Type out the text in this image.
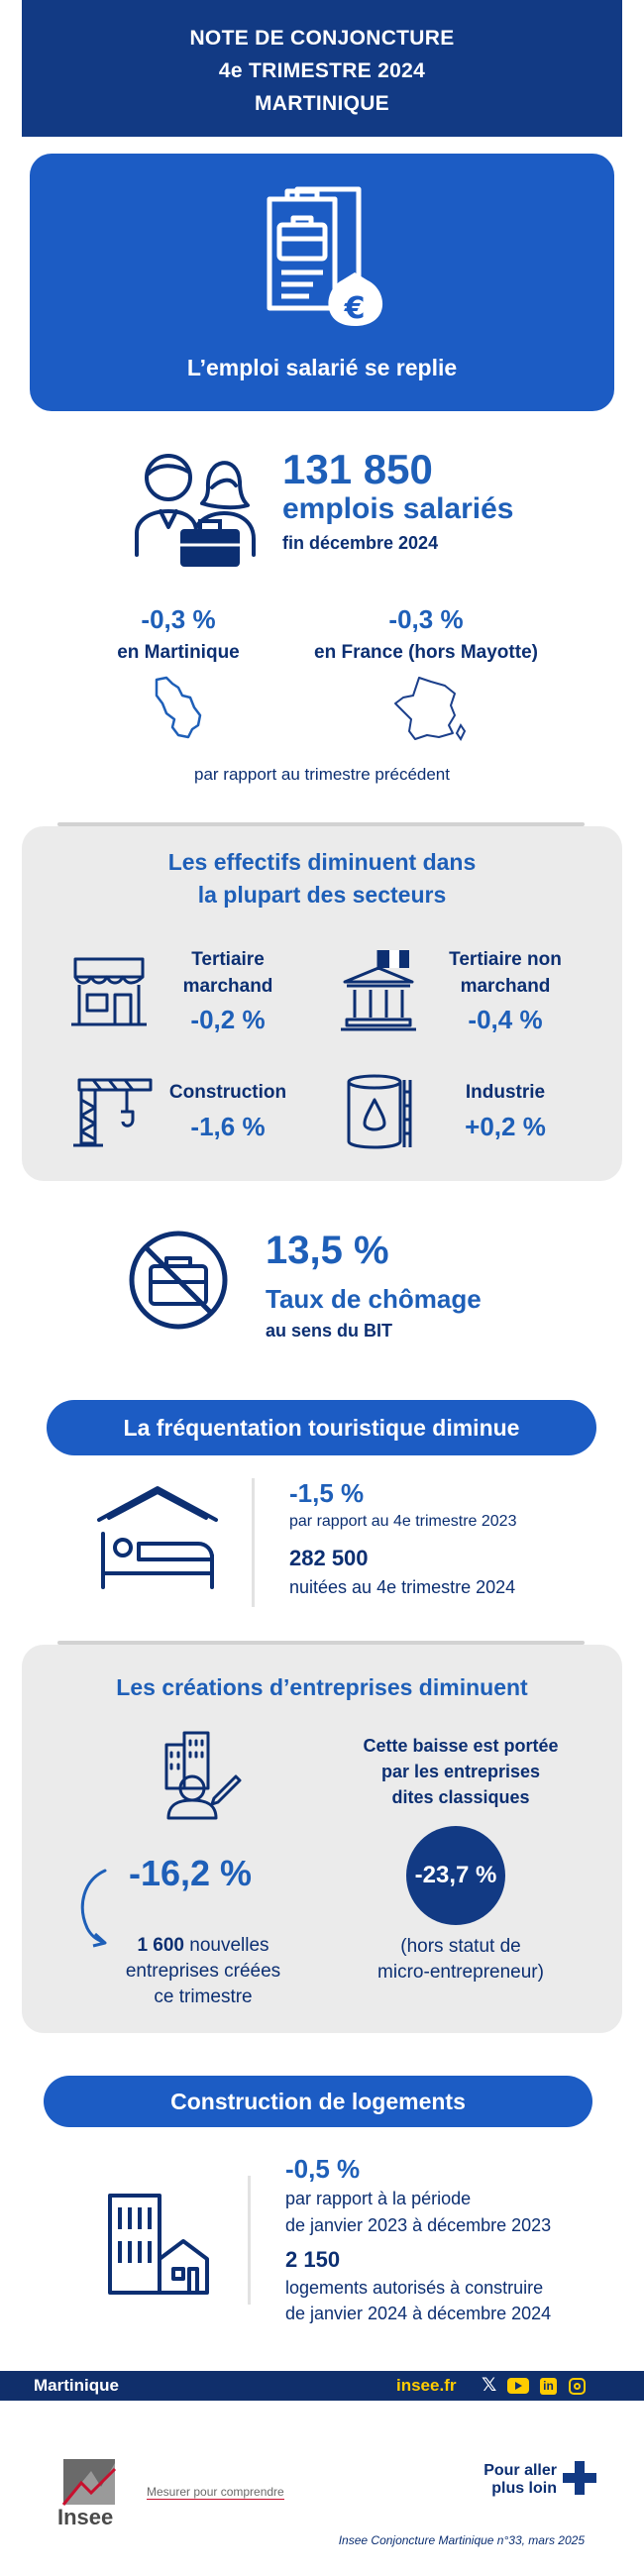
NOTE DE CONJONCTURE
4e TRIMESTRE 2024
MARTINIQUE
€
L’emploi salarié se replie
131 850
emplois salariés
fin décembre 2024
-0,3 %
en Martinique
-0,3 %
en France (hors Mayotte)
par rapport au trimestre précédent
Les effectifs diminuent dans
la plupart des secteurs
Tertiaire
marchand
-0,2 %
Tertiaire non
marchand
-0,4 %
Construction
-1,6 %
Industrie
+0,2 %
13,5 %
Taux de chômage
au sens du BIT
La fréquentation touristique diminue
-1,5 %
par rapport au 4e trimestre 2023
282 500
nuitées au 4e trimestre 2024
Les créations d’entreprises diminuent
-16,2 %
1 600 nouvelles
entreprises créées
ce trimestre
Cette baisse est portée
par les entreprises
dites classiques
-23,7 %
(hors statut de
micro-entrepreneur)
Construction de logements
-0,5 %
par rapport à la période
de janvier 2023 à décembre 2023
2 150
logements autorisés à construire
de janvier 2024 à décembre 2024
Martinique	insee.fr 𝕏	in
Insee
Mesurer pour comprendre
Pour aller
plus loin
Insee Conjoncture Martinique n°33, mars 2025
